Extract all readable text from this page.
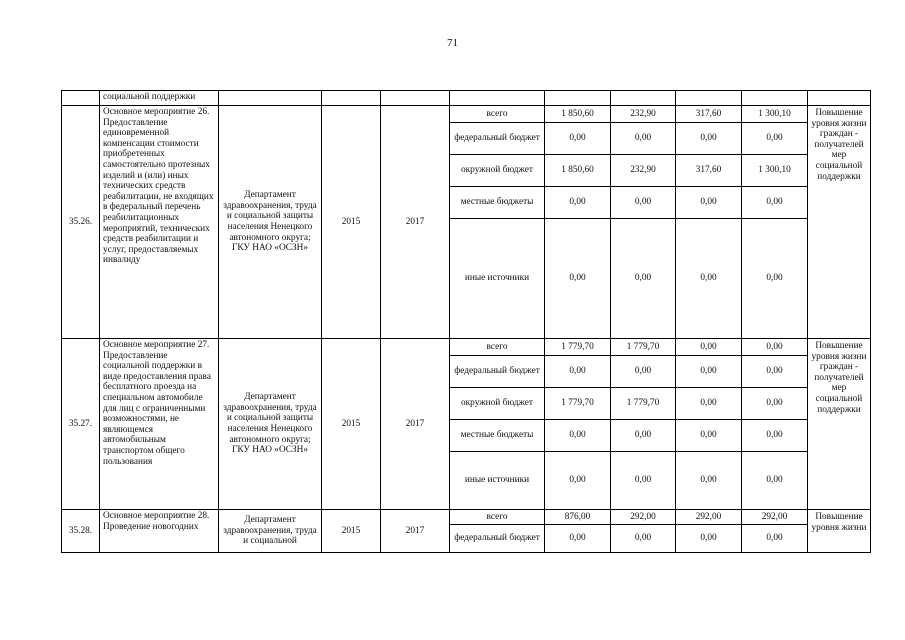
71
	социальной поддержки									
35.26.	Основное мероприятие 26. Предоставление единовременной компенсации стоимости приобретенных самостоятельно протезных изделий и (или) иных технических средств реабилитации, не входящих в федеральный перечень реабилитационных мероприятий, технических средств реабилитации и услуг, предоставляемых инвалиду	Департамент здравоохранения, труда и социальной защиты населения Ненецкого автономного округа; ГКУ НАО «ОСЗН»	2015	2017	всего	1 850,60	232,90	317,60	1 300,10	Повышение уровня жизни граждан - получателей мер социальной поддержки
					федеральный бюджет	0,00	0,00	0,00	0,00	
					окружной бюджет	1 850,60	232,90	317,60	1 300,10	
					местные бюджеты	0,00	0,00	0,00	0,00	
					иные источники	0,00	0,00	0,00	0,00	
35.27.	Основное мероприятие 27. Предоставление социальной поддержки в виде предоставления права бесплатного проезда на специальном автомобиле для лиц с ограниченными возможностями, не являющемся автомобильным транспортом общего пользования	Департамент здравоохранения, труда и социальной защиты населения Ненецкого автономного округа; ГКУ НАО «ОСЗН»	2015	2017	всего	1 779,70	1 779,70	0,00	0,00	Повышение уровня жизни граждан - получателей мер социальной поддержки
					федеральный бюджет	0,00	0,00	0,00	0,00	
					окружной бюджет	1 779,70	1 779,70	0,00	0,00	
					местные бюджеты	0,00	0,00	0,00	0,00	
					иные источники	0,00	0,00	0,00	0,00	
35.28.	Основное мероприятие 28. Проведение новогодних	Департамент здравоохранения, труда и социальной	2015	2017	всего	876,00	292,00	292,00	292,00	Повышение уровня жизни
					федеральный бюджет	0,00	0,00	0,00	0,00	
